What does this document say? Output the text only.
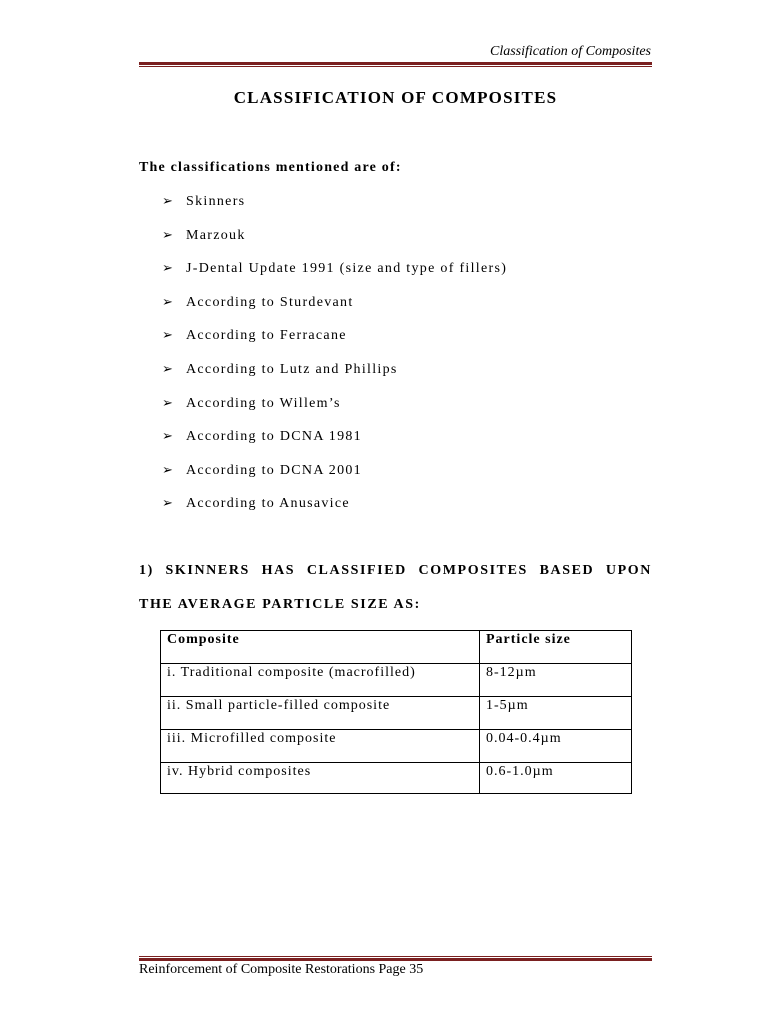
Classification of Composites
CLASSIFICATION OF COMPOSITES
The classifications mentioned are of:
➢ Skinners
➢ Marzouk
➢ J-Dental Update 1991 (size and type of fillers)
➢ According to Sturdevant
➢ According to Ferracane
➢ According to Lutz and Phillips
➢ According to Willem’s
➢ According to DCNA 1981
➢ According to DCNA 2001
➢ According to Anusavice
1) SKINNERS HAS CLASSIFIED COMPOSITES BASED UPON
THE AVERAGE PARTICLE SIZE AS:
Composite	Particle size
i. Traditional composite (macrofilled)	8-12µm
ii. Small particle-filled composite	1-5µm
iii. Microfilled composite	0.04-0.4µm
iv. Hybrid composites	0.6-1.0µm
Reinforcement of Composite Restorations Page 35
